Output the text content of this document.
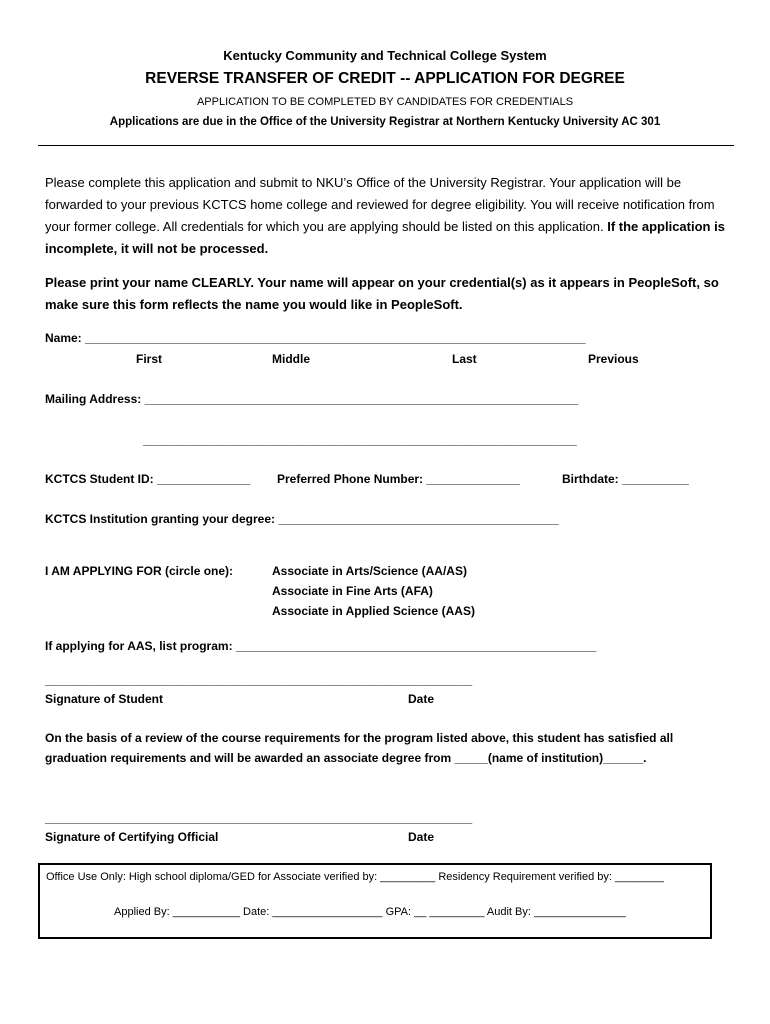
Kentucky Community and Technical College System
REVERSE TRANSFER OF CREDIT -- APPLICATION FOR DEGREE
APPLICATION TO BE COMPLETED BY CANDIDATES FOR CREDENTIALS
Applications are due in the Office of the University Registrar at Northern Kentucky University AC 301
Please complete this application and submit to NKU’s Office of the University Registrar. Your application will be forwarded to your previous KCTCS home college and reviewed for degree eligibility. You will receive notification from your former college. All credentials for which you are applying should be listed on this application. If the application is incomplete, it will not be processed.
Please print your name CLEARLY. Your name will appear on your credential(s) as it appears in PeopleSoft, so make sure this form reflects the name you would like in PeopleSoft.
Name: ___________________________________________________________________________
First	Middle	Last	Previous
Mailing Address: _________________________________________________________________
_________________________________________________________________
KCTCS Student ID: ______________ Preferred Phone Number: ______________	Birthdate: __________
KCTCS Institution granting your degree: __________________________________________
I AM APPLYING FOR (circle one):	Associate in Arts/Science (AA/AS)
Associate in Fine Arts (AFA)
Associate in Applied Science (AAS)
If applying for AAS, list program: ______________________________________________________
________________________________________________________________
Signature of Student	Date
On the basis of a review of the course requirements for the program listed above, this student has satisfied all graduation requirements and will be awarded an associate degree from _____(name of institution)______.
________________________________________________________________
Signature of Certifying Official	Date
Office Use Only: High school diploma/GED for Associate verified by: _________ Residency Requirement verified by: ________
Applied By: ___________ Date: __________________ GPA: __ _________ Audit By: _______________
